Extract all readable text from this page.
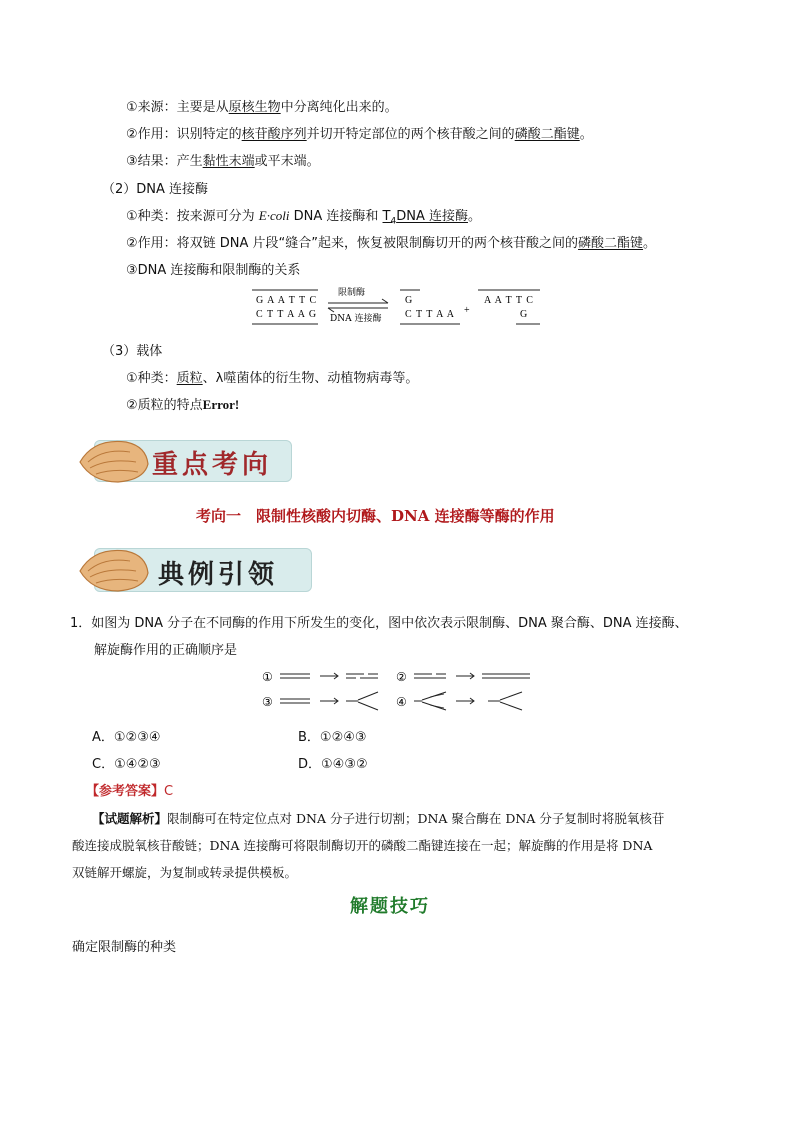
①来源：主要是从原核生物中分离纯化出来的。
②作用：识别特定的核苷酸序列并切开特定部位的两个核苷酸之间的磷酸二酯键。
③结果：产生黏性末端或平末端。
（2）DNA 连接酶
①种类：按来源可分为 E·coli DNA 连接酶和 $T_4DNA$ 连接酶。
②作用：将双链 DNA 片段“缝合”起来，恢复被限制酶切开的两个核苷酸之间的磷酸二酯键。
③DNA 连接酶和限制酶的关系
G A A T T C
C T T A A G
限制酶
DNA 连接酶
G
C T T A A +
A A T T C
G
（3）载体
①种类：质粒、λ噬菌体的衍生物、动植物病毒等。
②质粒的特点Error!
重点考向
考向一　限制性核酸内切酶、DNA 连接酶等酶的作用
典例引领
1．如图为 DNA 分子在不同酶的作用下所发生的变化，图中依次表示限制酶、DNA 聚合酶、DNA 连接酶、
解旋酶作用的正确顺序是
①	②
③	④
A．①②③④	B．①②④③
C．①④②③	D．①④③②
【参考答案】C
【试题解析】限制酶可在特定位点对 DNA 分子进行切割；DNA 聚合酶在 DNA 分子复制时将脱氧核苷
酸连接成脱氧核苷酸链；DNA 连接酶可将限制酶切开的磷酸二酯键连接在一起；解旋酶的作用是将 DNA
双链解开螺旋，为复制或转录提供模板。
解题技巧
确定限制酶的种类
